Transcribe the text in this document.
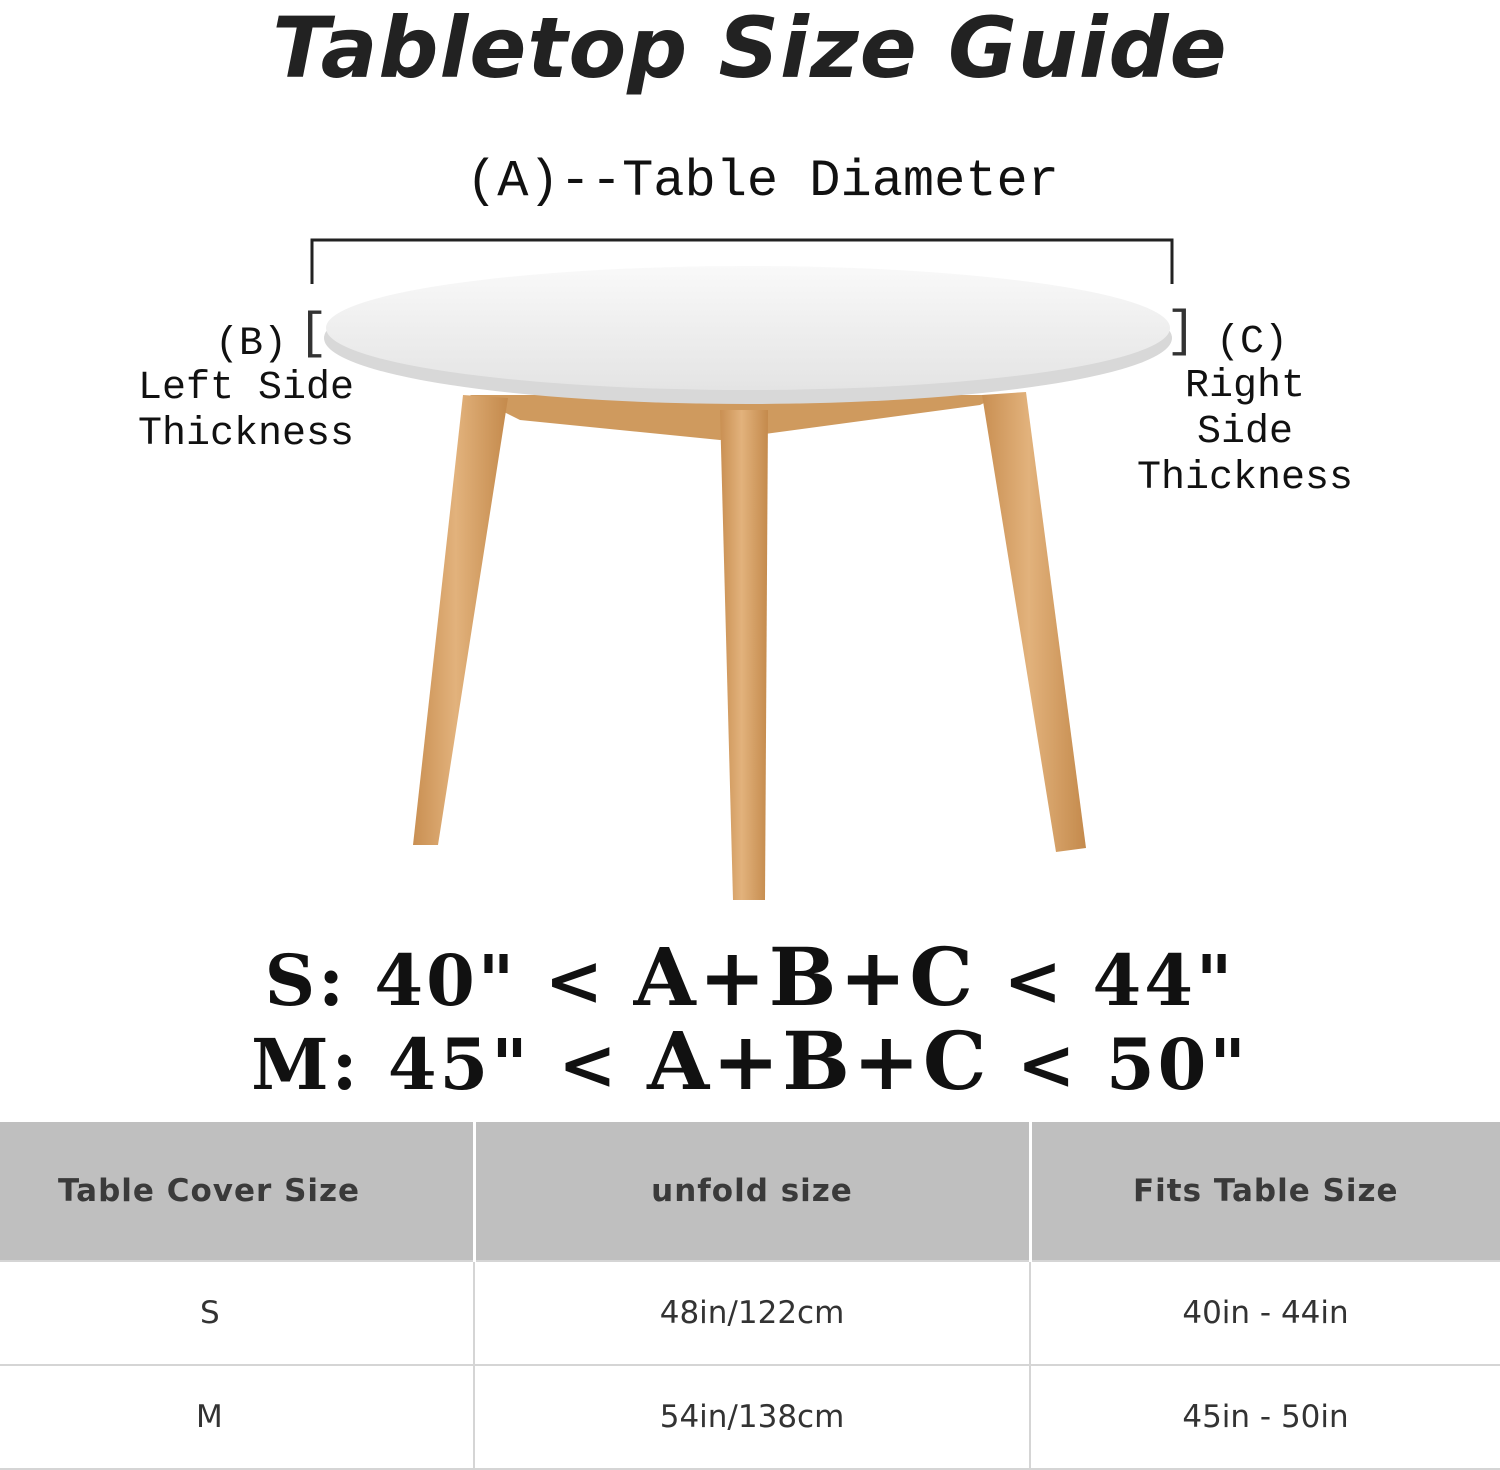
Tabletop Size Guide
(A)--Table Diameter
[	]
(B)
Left Side
Thickness
(C)
Right Side
Thickness
S: 40" < A+B+C < 44"
M: 45" < A+B+C < 50"
Table Cover Size	unfold size	Fits Table Size
S	48in/122cm	40in - 44in
M	54in/138cm	45in - 50in
